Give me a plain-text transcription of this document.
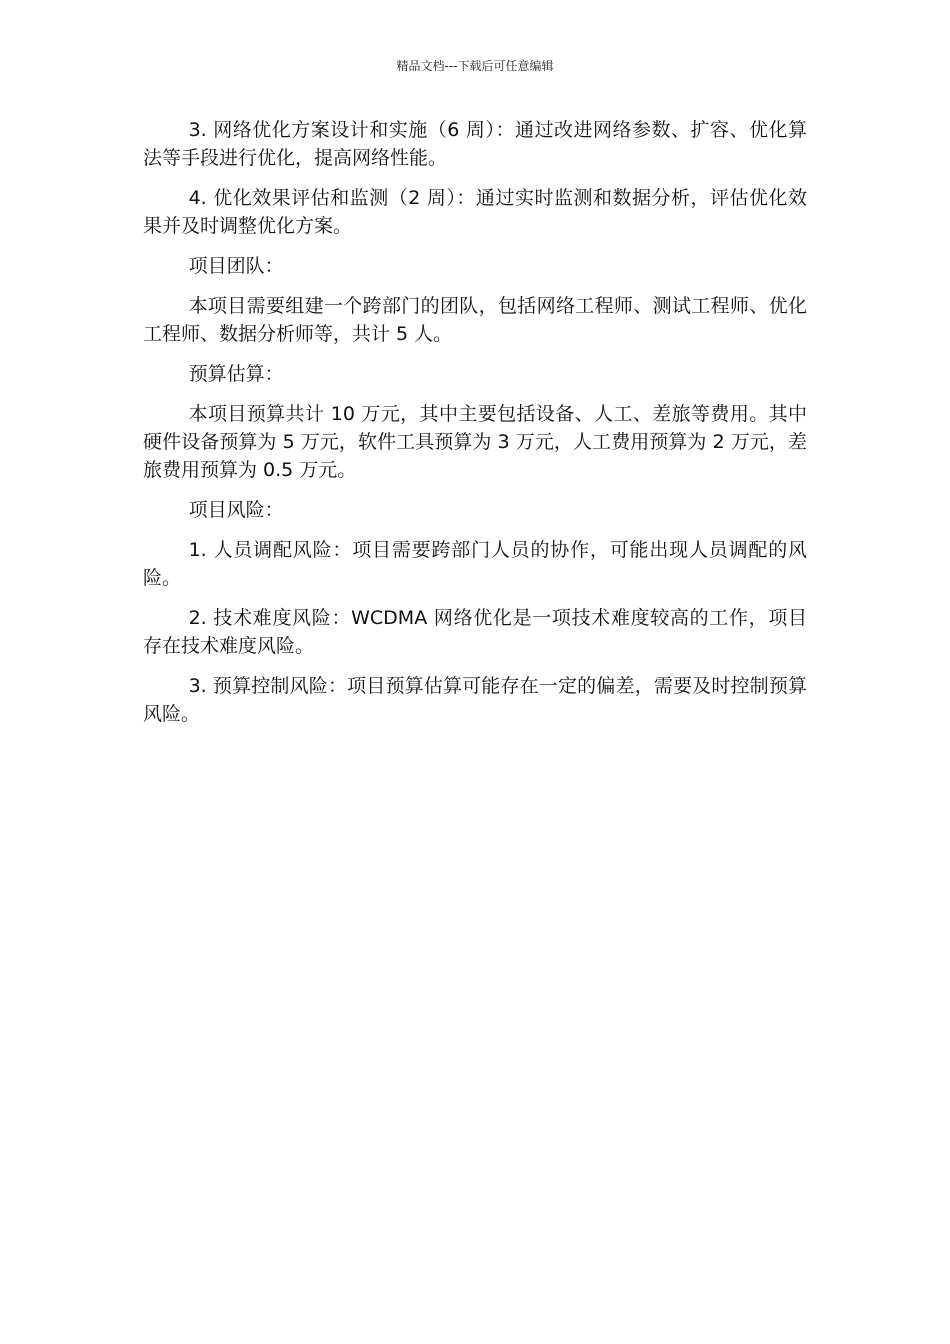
精品文档---下载后可任意编辑

3. 网络优化方案设计和实施（6 周）：通过改进网络参数、扩容、优化算法等手段进行优化，提高网络性能。

4. 优化效果评估和监测（2 周）：通过实时监测和数据分析，评估优化效果并及时调整优化方案。

项目团队：

本项目需要组建一个跨部门的团队，包括网络工程师、测试工程师、优化工程师、数据分析师等，共计 5 人。

预算估算：

本项目预算共计 10 万元，其中主要包括设备、人工、差旅等费用。其中硬件设备预算为 5 万元，软件工具预算为 3 万元，人工费用预算为 2 万元，差旅费用预算为 0.5 万元。

项目风险：

1. 人员调配风险：项目需要跨部门人员的协作，可能出现人员调配的风险。

2. 技术难度风险：WCDMA 网络优化是一项技术难度较高的工作，项目存在技术难度风险。

3. 预算控制风险：项目预算估算可能存在一定的偏差，需要及时控制预算风险。
